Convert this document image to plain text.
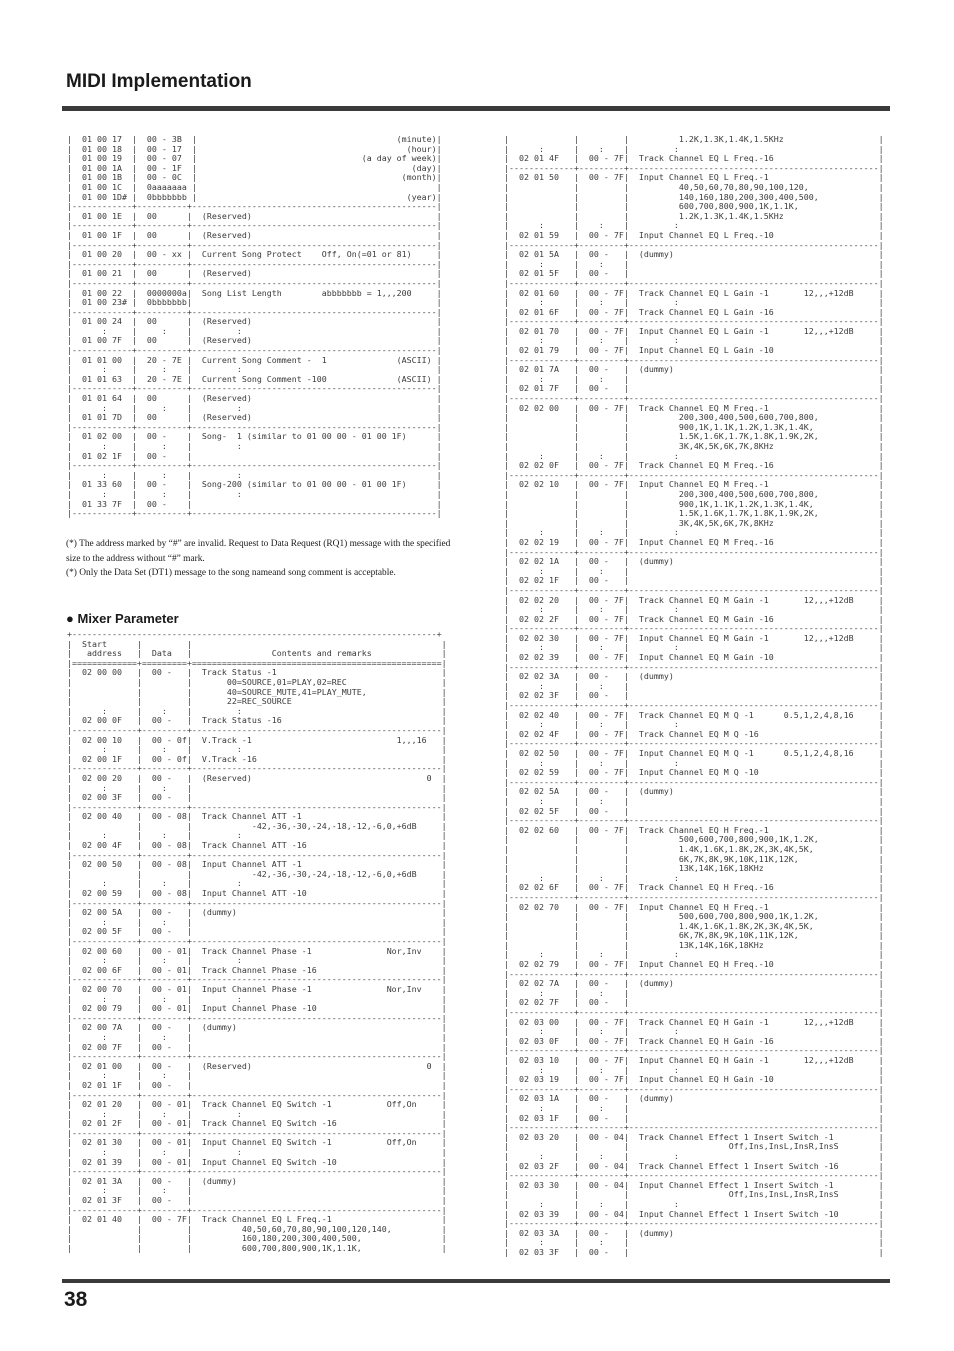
MIDI Implementation
|  01 00 17  |  00 - 3B  |                                        (minute)|
|  01 00 18  |  00 - 17  |                                          (hour)|
|  01 00 19  |  00 - 07  |                                 (a day of week)|
|  01 00 1A  |  00 - 1F  |                                           (day)|
|  01 00 1B  |  00 - 0C  |                                         (month)|
|  01 00 1C  |  0aaaaaaa |                                                |
|  01 00 1D# |  0bbbbbbb |                                          (year)|
|------------+----------+-------------------------------------------------|
|  01 00 1E  |  00      |  (Reserved)                                     |
|------------+----------+-------------------------------------------------|
|  01 00 1F  |  00      |  (Reserved)                                     |
|------------+----------+-------------------------------------------------|
|  01 00 20  |  00 - xx |  Current Song Protect    Off, On(=01 or 81)     |
|------------+----------+-------------------------------------------------|
|  01 00 21  |  00      |  (Reserved)                                     |
|------------+----------+-------------------------------------------------|
|  01 00 22  |  0000000a|  Song List Length        abbbbbbb = 1,,,200     |
|  01 00 23# |  0bbbbbbb|                                                 |
|------------+----------+-------------------------------------------------|
|  01 00 24  |  00      |  (Reserved)                                     |
|      :     |     :    |         :                                       |
|  01 00 7F  |  00      |  (Reserved)                                     |
|------------+----------+-------------------------------------------------|
|  01 01 00  |  20 - 7E |  Current Song Comment -  1              (ASCII) |
|      :     |     :    |         :                                       |
|  01 01 63  |  20 - 7E |  Current Song Comment -100              (ASCII) |
|------------+----------+-------------------------------------------------|
|  01 01 64  |  00      |  (Reserved)                                     |
|      :     |     :    |         :                                       |
|  01 01 7D  |  00      |  (Reserved)                                     |
|------------+----------+-------------------------------------------------|
|  01 02 00  |  00 -    |  Song-  1 (similar to 01 00 00 - 01 00 1F)      |
|      :     |     :    |         :                                       |
|  01 02 1F  |  00 -    |                                                 |
|------------+----------+-------------------------------------------------|
|      :     |     :    |         :                                       |
|  01 33 60  |  00 -    |  Song-200 (similar to 01 00 00 - 01 00 1F)      |
|      :     |     :    |         :                                       |
|  01 33 7F  |  00 -    |                                                 |
|------------+----------+-------------------------------------------------|
(*) The address marked by “#” are invalid. Request to Data Request (RQ1) message with the specified size to the address without “#” mark.
(*) Only the Data Set (DT1) message to the song nameand song comment is acceptable.
● Mixer Parameter
+-------------------------------------------------------------------------+
|  Start      |         |                                                  |
|   address   |  Data   |                Contents and remarks              |
|=============+=========+==================================================|
|  02 00 00   |  00 -   |  Track Status -1                                 |
|             |         |       00=SOURCE,01=PLAY,02=REC                   |
|             |         |       40=SOURCE_MUTE,41=PLAY_MUTE,               |
|             |         |       22=REC_SOURCE                              |
|      :      |    :    |         :                                        |
|  02 00 0F   |  00 -   |  Track Status -16                                |
|-------------+---------+--------------------------------------------------|
|  02 00 10   |  00 - 0f|  V.Track -1                             1,,,16   |
|      :      |    :    |         :                                        |
|  02 00 1F   |  00 - 0f|  V.Track -16                                     |
|-------------+---------+--------------------------------------------------|
|  02 00 20   |  00 -   |  (Reserved)                                   0  |
|      :      |    :    |                                                  |
|  02 00 3F   |  00 -   |                                                  |
|-------------+---------+--------------------------------------------------|
|  02 00 40   |  00 - 08|  Track Channel ATT -1                            |
|             |         |            -42,-36,-30,-24,-18,-12,-6,0,+6dB     |
|      :      |    :    |         :                                        |
|  02 00 4F   |  00 - 08|  Track Channel ATT -16                           |
|-------------+---------+--------------------------------------------------|
|  02 00 50   |  00 - 08|  Input Channel ATT -1                            |
|             |         |            -42,-36,-30,-24,-18,-12,-6,0,+6dB     |
|      :      |    :    |         :                                        |
|  02 00 59   |  00 - 08|  Input Channel ATT -10                           |
|-------------+---------+--------------------------------------------------|
|  02 00 5A   |  00 -   |  (dummy)                                         |
|      :      |    :    |                                                  |
|  02 00 5F   |  00 -   |                                                  |
|-------------+---------+--------------------------------------------------|
|  02 00 60   |  00 - 01|  Track Channel Phase -1               Nor,Inv    |
|      :      |    :    |         :                                        |
|  02 00 6F   |  00 - 01|  Track Channel Phase -16                         |
|-------------+---------+--------------------------------------------------|
|  02 00 70   |  00 - 01|  Input Channel Phase -1               Nor,Inv    |
|      :      |    :    |         :                                        |
|  02 00 79   |  00 - 01|  Input Channel Phase -10                         |
|-------------+---------+--------------------------------------------------|
|  02 00 7A   |  00 -   |  (dummy)                                         |
|      :      |    :    |                                                  |
|  02 00 7F   |  00 -   |                                                  |
|-------------+---------+--------------------------------------------------|
|  02 01 00   |  00 -   |  (Reserved)                                   0  |
|      :      |    :    |                                                  |
|  02 01 1F   |  00 -   |                                                  |
|-------------+---------+--------------------------------------------------|
|  02 01 20   |  00 - 01|  Track Channel EQ Switch -1           Off,On     |
|      :      |    :    |         :                                        |
|  02 01 2F   |  00 - 01|  Track Channel EQ Switch -16                     |
|-------------+---------+--------------------------------------------------|
|  02 01 30   |  00 - 01|  Input Channel EQ Switch -1           Off,On     |
|      :      |    :    |         :                                        |
|  02 01 39   |  00 - 01|  Input Channel EQ Switch -10                     |
|-------------+---------+--------------------------------------------------|
|  02 01 3A   |  00 -   |  (dummy)                                         |
|      :      |    :    |                                                  |
|  02 01 3F   |  00 -   |                                                  |
|-------------+---------+--------------------------------------------------|
|  02 01 40   |  00 - 7F|  Track Channel EQ L Freq.-1                      |
|             |         |          40,50,60,70,80,90,100,120,140,          |
|             |         |          160,180,200,300,400,500,                |
|             |         |          600,700,800,900,1K,1.1K,                |
|             |         |          1.2K,1.3K,1.4K,1.5KHz                   |
|      :      |    :    |         :                                        |
|  02 01 4F   |  00 - 7F|  Track Channel EQ L Freq.-16                     |
|-------------+---------+--------------------------------------------------|
|  02 01 50   |  00 - 7F|  Input Channel EQ L Freq.-1                      |
|             |         |          40,50,60,70,80,90,100,120,              |
|             |         |          140,160,180,200,300,400,500,            |
|             |         |          600,700,800,900,1K,1.1K,                |
|             |         |          1.2K,1.3K,1.4K,1.5KHz                   |
|      :      |    :    |         :                                        |
|  02 01 59   |  00 - 7F|  Input Channel EQ L Freq.-10                     |
|-------------+---------+--------------------------------------------------|
|  02 01 5A   |  00 -   |  (dummy)                                         |
|      :      |    :    |                                                  |
|  02 01 5F   |  00 -   |                                                  |
|-------------+---------+--------------------------------------------------|
|  02 01 60   |  00 - 7F|  Track Channel EQ L Gain -1       12,,,+12dB     |
|      :      |    :    |         :                                        |
|  02 01 6F   |  00 - 7F|  Track Channel EQ L Gain -16                     |
|-------------+---------+--------------------------------------------------|
|  02 01 70   |  00 - 7F|  Input Channel EQ L Gain -1       12,,,+12dB     |
|      :      |    :    |         :                                        |
|  02 01 79   |  00 - 7F|  Input Channel EQ L Gain -10                     |
|-------------+---------+--------------------------------------------------|
|  02 01 7A   |  00 -   |  (dummy)                                         |
|      :      |    :    |                                                  |
|  02 01 7F   |  00 -   |                                                  |
|-------------+---------+--------------------------------------------------|
|  02 02 00   |  00 - 7F|  Track Channel EQ M Freq.-1                      |
|             |         |          200,300,400,500,600,700,800,            |
|             |         |          900,1K,1.1K,1.2K,1.3K,1.4K,             |
|             |         |          1.5K,1.6K,1.7K,1.8K,1.9K,2K,            |
|             |         |          3K,4K,5K,6K,7K,8KHz                     |
|      :      |    :    |         :                                        |
|  02 02 0F   |  00 - 7F|  Track Channel EQ M Freq.-16                     |
|-------------+---------+--------------------------------------------------|
|  02 02 10   |  00 - 7F|  Input Channel EQ M Freq.-1                      |
|             |         |          200,300,400,500,600,700,800,            |
|             |         |          900,1K,1.1K,1.2K,1.3K,1.4K,             |
|             |         |          1.5K,1.6K,1.7K,1.8K,1.9K,2K,            |
|             |         |          3K,4K,5K,6K,7K,8KHz                     |
|      :      |    :    |         :                                        |
|  02 02 19   |  00 - 7F|  Input Channel EQ M Freq.-16                     |
|-------------+---------+--------------------------------------------------|
|  02 02 1A   |  00 -   |  (dummy)                                         |
|      :      |    :    |                                                  |
|  02 02 1F   |  00 -   |                                                  |
|-------------+---------+--------------------------------------------------|
|  02 02 20   |  00 - 7F|  Track Channel EQ M Gain -1       12,,,+12dB     |
|      :      |    :    |         :                                        |
|  02 02 2F   |  00 - 7F|  Track Channel EQ M Gain -16                     |
|-------------+---------+--------------------------------------------------|
|  02 02 30   |  00 - 7F|  Input Channel EQ M Gain -1       12,,,+12dB     |
|      :      |    :    |         :                                        |
|  02 02 39   |  00 - 7F|  Input Channel EQ M Gain -10                     |
|-------------+---------+--------------------------------------------------|
|  02 02 3A   |  00 -   |  (dummy)                                         |
|      :      |    :    |                                                  |
|  02 02 3F   |  00 -   |                                                  |
|-------------+---------+--------------------------------------------------|
|  02 02 40   |  00 - 7F|  Track Channel EQ M Q -1      0.5,1,2,4,8,16     |
|      :      |    :    |         :                                        |
|  02 02 4F   |  00 - 7F|  Track Channel EQ M Q -16                        |
|-------------+---------+--------------------------------------------------|
|  02 02 50   |  00 - 7F|  Input Channel EQ M Q -1      0.5,1,2,4,8,16     |
|      :      |    :    |         :                                        |
|  02 02 59   |  00 - 7F|  Input Channel EQ M Q -10                        |
|-------------+---------+--------------------------------------------------|
|  02 02 5A   |  00 -   |  (dummy)                                         |
|      :      |    :    |                                                  |
|  02 02 5F   |  00 -   |                                                  |
|-------------+---------+--------------------------------------------------|
|  02 02 60   |  00 - 7F|  Track Channel EQ H Freq.-1                      |
|             |         |          500,600,700,800,900,1K,1.2K,            |
|             |         |          1.4K,1.6K,1.8K,2K,3K,4K,5K,             |
|             |         |          6K,7K,8K,9K,10K,11K,12K,                |
|             |         |          13K,14K,16K,18KHz                       |
|      :      |    :    |         :                                        |
|  02 02 6F   |  00 - 7F|  Track Channel EQ H Freq.-16                     |
|-------------+---------+--------------------------------------------------|
|  02 02 70   |  00 - 7F|  Input Channel EQ H Freq.-1                      |
|             |         |          500,600,700,800,900,1K,1.2K,            |
|             |         |          1.4K,1.6K,1.8K,2K,3K,4K,5K,             |
|             |         |          6K,7K,8K,9K,10K,11K,12K,                |
|             |         |          13K,14K,16K,18KHz                       |
|      :      |    :    |         :                                        |
|  02 02 79   |  00 - 7F|  Input Channel EQ H Freq.-10                     |
|-------------+---------+--------------------------------------------------|
|  02 02 7A   |  00 -   |  (dummy)                                         |
|      :      |    :    |                                                  |
|  02 02 7F   |  00 -   |                                                  |
|-------------+---------+--------------------------------------------------|
|  02 03 00   |  00 - 7F|  Track Channel EQ H Gain -1       12,,,+12dB     |
|      :      |    :    |         :                                        |
|  02 03 0F   |  00 - 7F|  Track Channel EQ H Gain -16                     |
|-------------+---------+--------------------------------------------------|
|  02 03 10   |  00 - 7F|  Input Channel EQ H Gain -1       12,,,+12dB     |
|      :      |    :    |         :                                        |
|  02 03 19   |  00 - 7F|  Input Channel EQ H Gain -10                     |
|-------------+---------+--------------------------------------------------|
|  02 03 1A   |  00 -   |  (dummy)                                         |
|      :      |    :    |                                                  |
|  02 03 1F   |  00 -   |                                                  |
|-------------+---------+--------------------------------------------------|
|  02 03 20   |  00 - 04|  Track Channel Effect 1 Insert Switch -1         |
|             |         |                    Off,Ins,InsL,InsR,InsS        |
|      :      |    :    |         :                                        |
|  02 03 2F   |  00 - 04|  Track Channel Effect 1 Insert Switch -16        |
|-------------+---------+--------------------------------------------------|
|  02 03 30   |  00 - 04|  Input Channel Effect 1 Insert Switch -1         |
|             |         |                    Off,Ins,InsL,InsR,InsS        |
|      :      |    :    |         :                                        |
|  02 03 39   |  00 - 04|  Input Channel Effect 1 Insert Switch -10        |
|-------------+---------+--------------------------------------------------|
|  02 03 3A   |  00 -   |  (dummy)                                         |
|      :      |    :    |                                                  |
|  02 03 3F   |  00 -   |                                                  |
38
